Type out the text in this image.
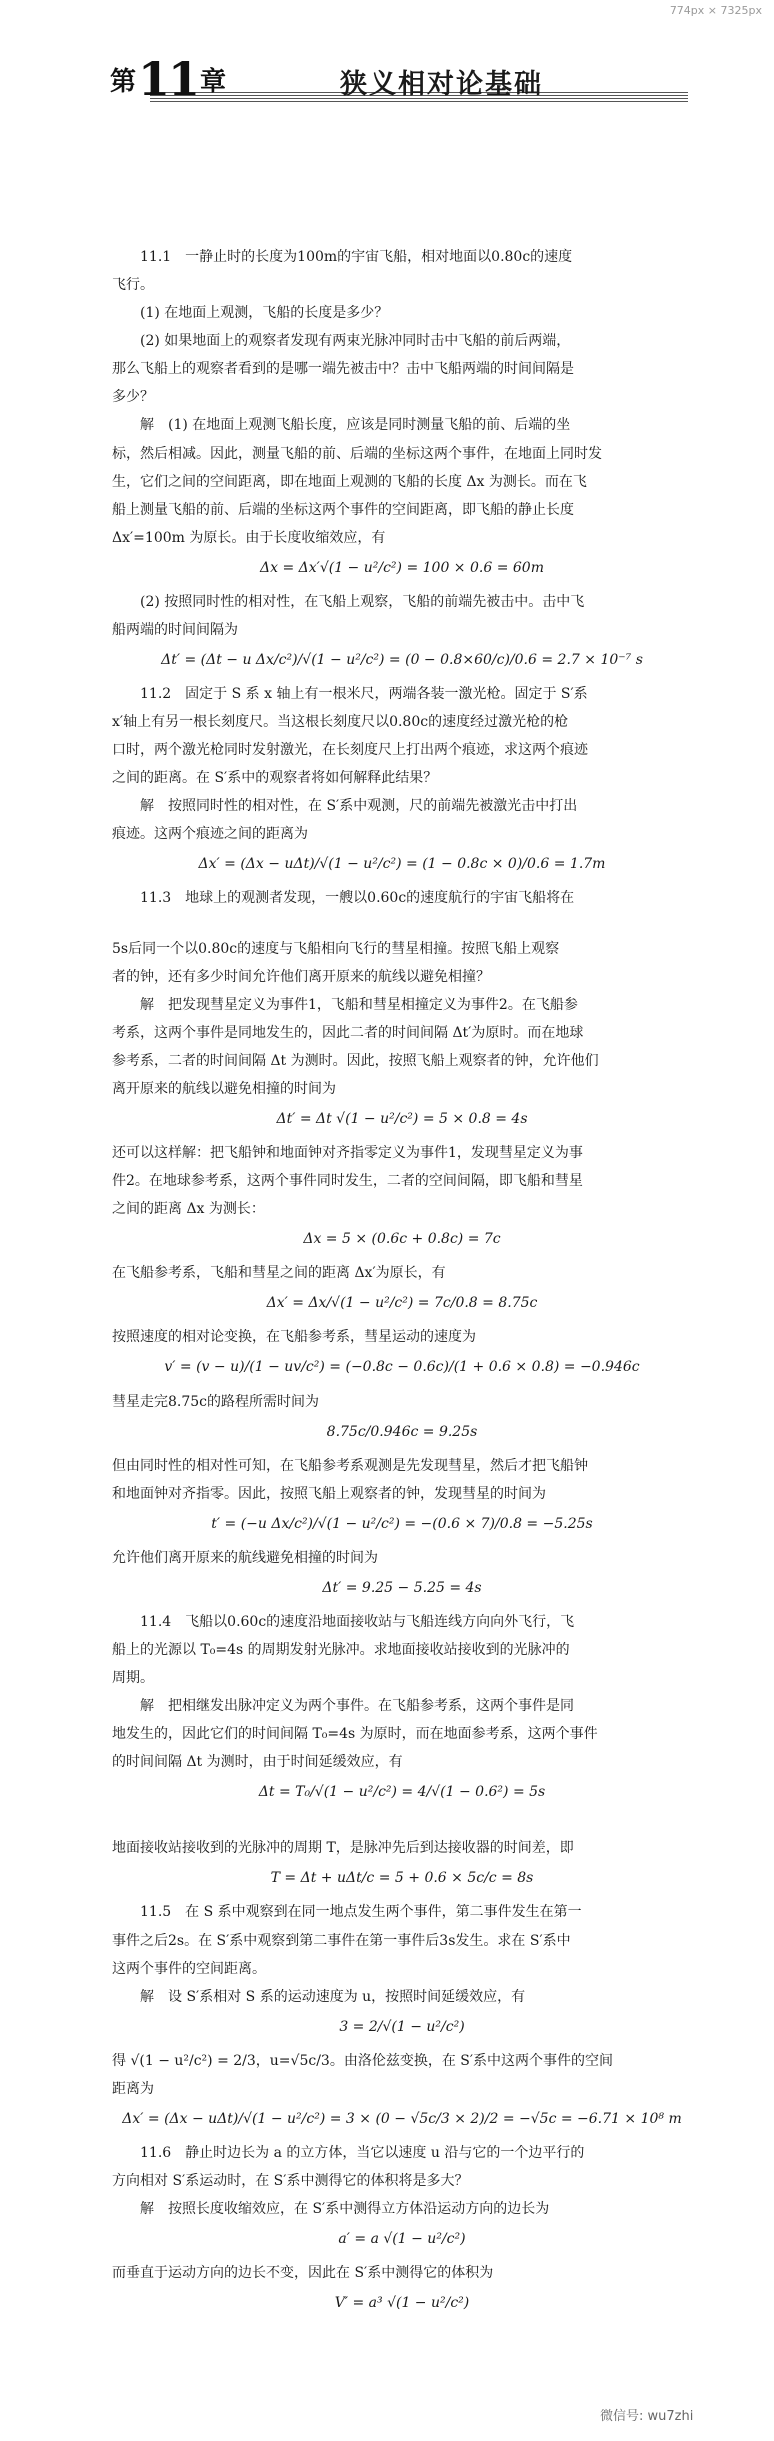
774px × 7325px
第 11 章	狭义相对论基础

11.1　一静止时的长度为100m的宇宙飞船，相对地面以0.80c的速度

飞行。

(1) 在地面上观测，飞船的长度是多少？

(2) 如果地面上的观察者发现有两束光脉冲同时击中飞船的前后两端，

那么飞船上的观察者看到的是哪一端先被击中？击中飞船两端的时间间隔是

多少？

解　(1) 在地面上观测飞船长度，应该是同时测量飞船的前、后端的坐

标，然后相减。因此，测量飞船的前、后端的坐标这两个事件，在地面上同时发

生，它们之间的空间距离，即在地面上观测的飞船的长度 Δx 为测长。而在飞

船上测量飞船的前、后端的坐标这两个事件的空间距离，即飞船的静止长度

Δx′=100m 为原长。由于长度收缩效应，有

Δx = Δx′√(1 − u²/c²) = 100 × 0.6 = 60m

(2) 按照同时性的相对性，在飞船上观察，飞船的前端先被击中。击中飞

船两端的时间间隔为

Δt′ = (Δt − u Δx/c²)/√(1 − u²/c²) = (0 − 0.8×60/c)/0.6 = 2.7 × 10⁻⁷ s

11.2　固定于 S 系 x 轴上有一根米尺，两端各装一激光枪。固定于 S′系

x′轴上有另一根长刻度尺。当这根长刻度尺以0.80c的速度经过激光枪的枪

口时，两个激光枪同时发射激光，在长刻度尺上打出两个痕迹，求这两个痕迹

之间的距离。在 S′系中的观察者将如何解释此结果？

解　按照同时性的相对性，在 S′系中观测，尺的前端先被激光击中打出

痕迹。这两个痕迹之间的距离为

Δx′ = (Δx − uΔt)/√(1 − u²/c²) = (1 − 0.8c × 0)/0.6 = 1.7m

11.3　地球上的观测者发现，一艘以0.60c的速度航行的宇宙飞船将在

5s后同一个以0.80c的速度与飞船相向飞行的彗星相撞。按照飞船上观察

者的钟，还有多少时间允许他们离开原来的航线以避免相撞？

解　把发现彗星定义为事件1，飞船和彗星相撞定义为事件2。在飞船参

考系，这两个事件是同地发生的，因此二者的时间间隔 Δt′为原时。而在地球

参考系，二者的时间间隔 Δt 为测时。因此，按照飞船上观察者的钟，允许他们

离开原来的航线以避免相撞的时间为

Δt′ = Δt √(1 − u²/c²) = 5 × 0.8 = 4s

还可以这样解：把飞船钟和地面钟对齐指零定义为事件1，发现彗星定义为事

件2。在地球参考系，这两个事件同时发生，二者的空间间隔，即飞船和彗星

之间的距离 Δx 为测长：

Δx = 5 × (0.6c + 0.8c) = 7c

在飞船参考系，飞船和彗星之间的距离 Δx′为原长，有

Δx′ = Δx/√(1 − u²/c²) = 7c/0.8 = 8.75c

按照速度的相对论变换，在飞船参考系，彗星运动的速度为

v′ = (v − u)/(1 − uv/c²) = (−0.8c − 0.6c)/(1 + 0.6 × 0.8) = −0.946c

彗星走完8.75c的路程所需时间为

8.75c/0.946c = 9.25s

但由同时性的相对性可知，在飞船参考系观测是先发现彗星，然后才把飞船钟

和地面钟对齐指零。因此，按照飞船上观察者的钟，发现彗星的时间为

t′ = (−u Δx/c²)/√(1 − u²/c²) = −(0.6 × 7)/0.8 = −5.25s

允许他们离开原来的航线避免相撞的时间为

Δt′ = 9.25 − 5.25 = 4s

11.4　飞船以0.60c的速度沿地面接收站与飞船连线方向向外飞行，飞

船上的光源以 T₀=4s 的周期发射光脉冲。求地面接收站接收到的光脉冲的

周期。

解　把相继发出脉冲定义为两个事件。在飞船参考系，这两个事件是同

地发生的，因此它们的时间间隔 T₀=4s 为原时，而在地面参考系，这两个事件

的时间间隔 Δt 为测时，由于时间延缓效应，有

Δt = T₀/√(1 − u²/c²) = 4/√(1 − 0.6²) = 5s

地面接收站接收到的光脉冲的周期 T，是脉冲先后到达接收器的时间差，即

T = Δt + uΔt/c = 5 + 0.6 × 5c/c = 8s

11.5　在 S 系中观察到在同一地点发生两个事件，第二事件发生在第一

事件之后2s。在 S′系中观察到第二事件在第一事件后3s发生。求在 S′系中

这两个事件的空间距离。

解　设 S′系相对 S 系的运动速度为 u，按照时间延缓效应，有

3 = 2/√(1 − u²/c²)

得 √(1 − u²/c²) = 2/3，u=√5c/3。由洛伦兹变换，在 S′系中这两个事件的空间

距离为

Δx′ = (Δx − uΔt)/√(1 − u²/c²) = 3 × (0 − √5c/3 × 2)/2 = −√5c = −6.71 × 10⁸ m

11.6　静止时边长为 a 的立方体，当它以速度 u 沿与它的一个边平行的

方向相对 S′系运动时，在 S′系中测得它的体积将是多大？

解　按照长度收缩效应，在 S′系中测得立方体沿运动方向的边长为

a′ = a √(1 − u²/c²)

而垂直于运动方向的边长不变，因此在 S′系中测得它的体积为

V′ = a³ √(1 − u²/c²)
微信号: wu7zhi
